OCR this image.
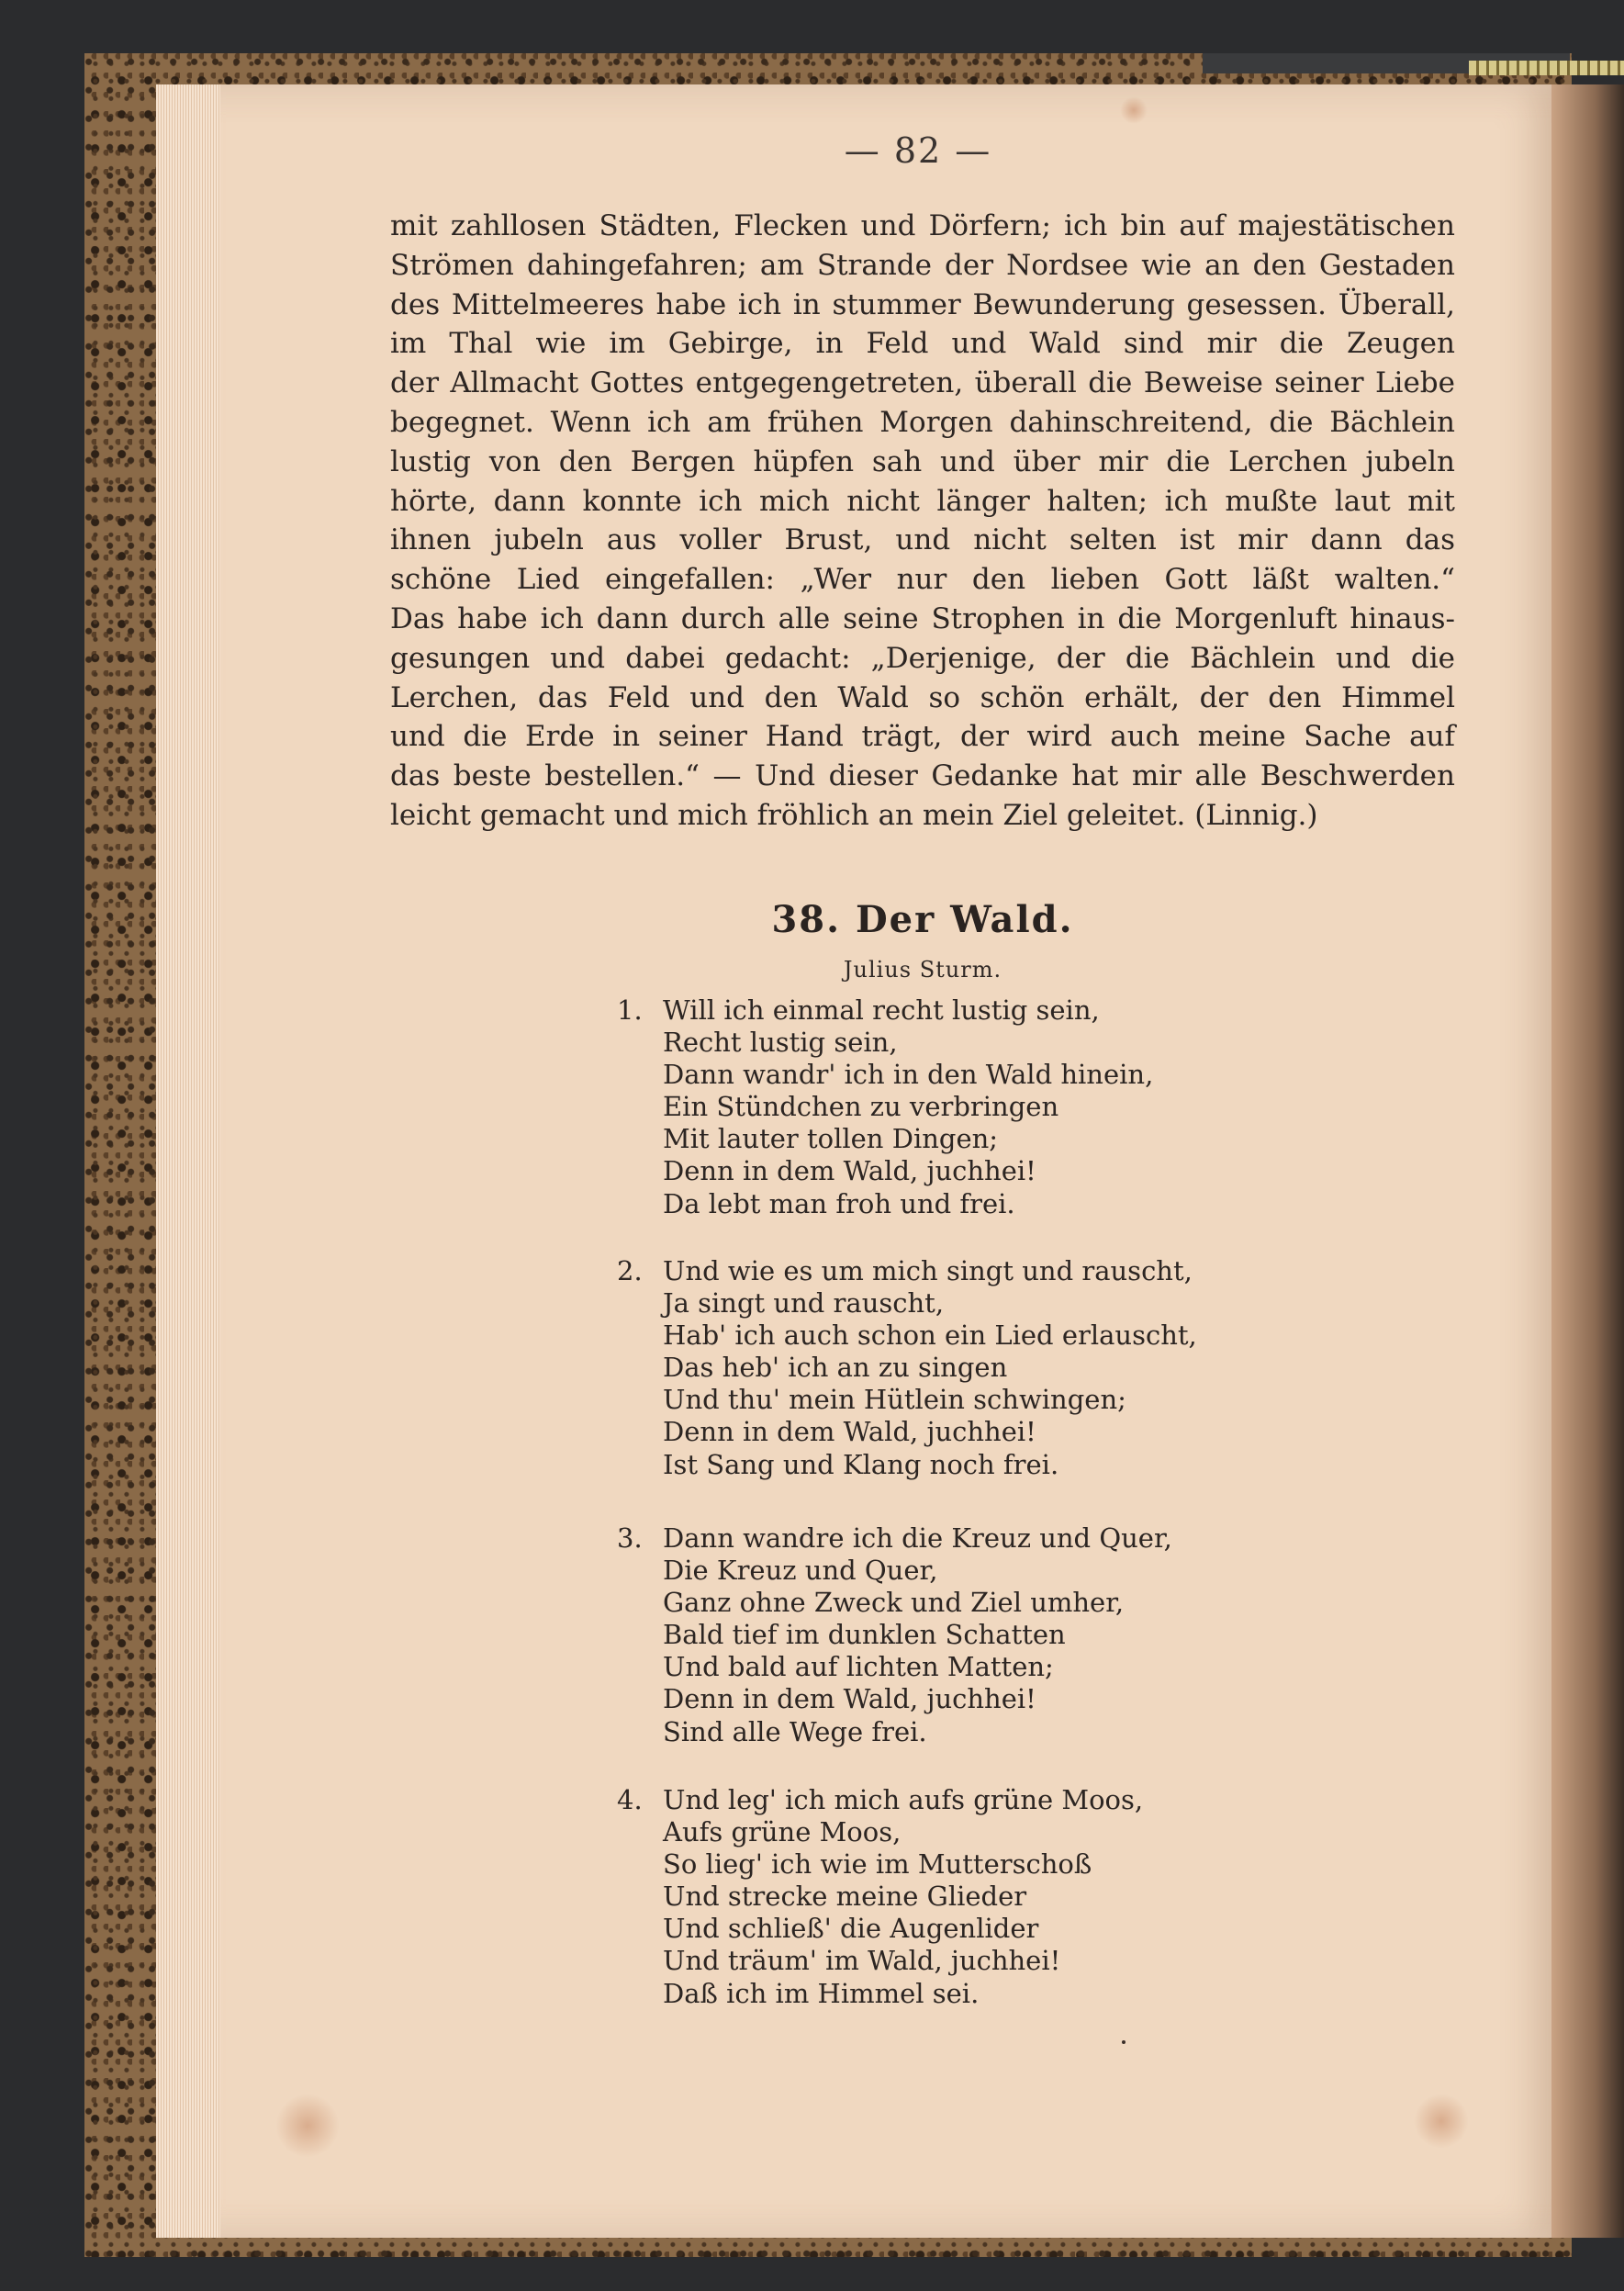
— 82 —

mit zahllosen Städten, Flecken und Dörfern; ich bin auf majestätischen

Strömen dahingefahren; am Strande der Nordsee wie an den Gestaden

des Mittelmeeres habe ich in stummer Bewunderung gesessen. Überall,

im Thal wie im Gebirge, in Feld und Wald sind mir die Zeugen

der Allmacht Gottes entgegengetreten, überall die Beweise seiner Liebe

begegnet. Wenn ich am frühen Morgen dahinschreitend, die Bächlein

lustig von den Bergen hüpfen sah und über mir die Lerchen jubeln

hörte, dann konnte ich mich nicht länger halten; ich mußte laut mit

ihnen jubeln aus voller Brust, und nicht selten ist mir dann das

schöne Lied eingefallen: „Wer nur den lieben Gott läßt walten.“

Das habe ich dann durch alle seine Strophen in die Morgenluft hinaus-

gesungen und dabei gedacht: „Derjenige, der die Bächlein und die

Lerchen, das Feld und den Wald so schön erhält, der den Himmel

und die Erde in seiner Hand trägt, der wird auch meine Sache auf

das beste bestellen.“ — Und dieser Gedanke hat mir alle Beschwerden

leicht gemacht und mich fröhlich an mein Ziel geleitet. (Linnig.)

38. Der Wald.
Julius Sturm.
1. Will ich einmal recht lustig sein,
Recht lustig sein,
Dann wandr' ich in den Wald hinein,
Ein Stündchen zu verbringen
Mit lauter tollen Dingen;
Denn in dem Wald, juchhei!
Da lebt man froh und frei.
2. Und wie es um mich singt und rauscht,
Ja singt und rauscht,
Hab' ich auch schon ein Lied erlauscht,
Das heb' ich an zu singen
Und thu' mein Hütlein schwingen;
Denn in dem Wald, juchhei!
Ist Sang und Klang noch frei.
3. Dann wandre ich die Kreuz und Quer,
Die Kreuz und Quer,
Ganz ohne Zweck und Ziel umher,
Bald tief im dunklen Schatten
Und bald auf lichten Matten;
Denn in dem Wald, juchhei!
Sind alle Wege frei.
4. Und leg' ich mich aufs grüne Moos,
Aufs grüne Moos,
So lieg' ich wie im Mutterschoß
Und strecke meine Glieder
Und schließ' die Augenlider
Und träum' im Wald, juchhei!
Daß ich im Himmel sei.
